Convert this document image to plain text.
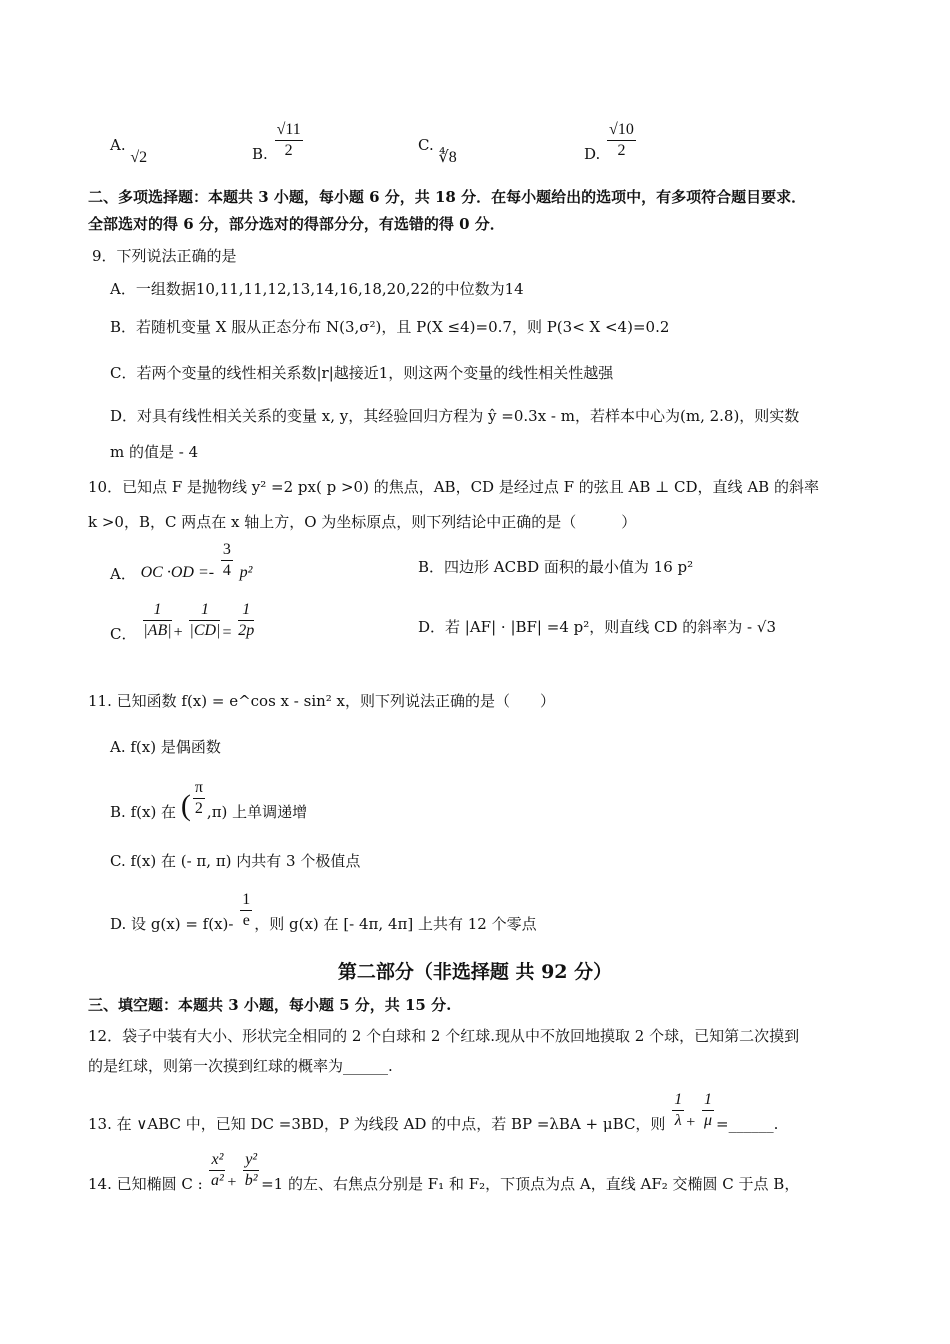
A. √2	B. $\frac{√11}{2}$	C. ∜8	D. $\frac{√10}{2}$
二、多项选择题：本题共 3 小题，每小题 6 分，共 18 分．在每小题给出的选项中，有多项符合题目要求．
全部选对的得 6 分，部分选对的得部分分，有选错的得 0 分．
9．下列说法正确的是
A．一组数据10,11,11,12,13,14,16,18,20,22的中位数为14
B．若随机变量 X 服从正态分布 N(3,σ²)，且 P(X ≤4)=0.7，则 P(3< X <4)=0.2
C．若两个变量的线性相关系数|r|越接近1，则这两个变量的线性相关性越强
D．对具有线性相关关系的变量 x, y，其经验回归方程为 ŷ =0.3x - m，若样本中心为(m, 2.8)，则实数
m 的值是 - 4
10．已知点 F 是抛物线 y² =2 px( p >0) 的焦点，AB，CD 是经过点 F 的弦且 AB ⊥ CD，直线 AB 的斜率
k >0，B，C 两点在 x 轴上方，O 为坐标原点，则下列结论中正确的是（　　　）
A． OC $\cdot OD =- \frac{3}{4} p^2$	B．四边形 ACBD 面积的最小值为 16 p²
C． $\frac{1}{|AB|} + \frac{1}{|CD|} = \frac{1}{2p}$	D．若 |AF| · |BF| =4 p²，则直线 CD 的斜率为 - √3
11. 已知函数 f(x) = e^cos x - sin² x，则下列说法正确的是（　　）
A. f(x) 是偶函数
B. f(x) 在 ( $\frac{\pi}{2} ,\pi$) 上单调递增
C. f(x) 在 (- π, π) 内共有 3 个极值点
D. 设 $g(x) = f(x)- \frac{1}{e}$ ，则 g(x) 在 [- 4π, 4π] 上共有 12 个零点
第二部分（非选择题 共 92 分）
三、填空题：本题共 3 小题，每小题 5 分，共 15 分.
12．袋子中装有大小、形状完全相同的 2 个白球和 2 个红球.现从中不放回地摸取 2 个球，已知第二次摸到
的是红球，则第一次摸到红球的概率为______.
13. 在 ∨ABC 中，已知 DC =3BD，P 为线段 AD 的中点，若 BP =λBA + μBC，则 $\frac{1}{\lambda} + \frac{1}{\mu}$ =______.
14. 已知椭圆 C : $\frac{\text{x²}}{\text{a²}} + \frac{\text{y²}}{\text{b²}} =1$ 的左、右焦点分别是 F₁ 和 F₂，下顶点为点 A，直线 AF₂ 交椭圆 C 于点 B，
